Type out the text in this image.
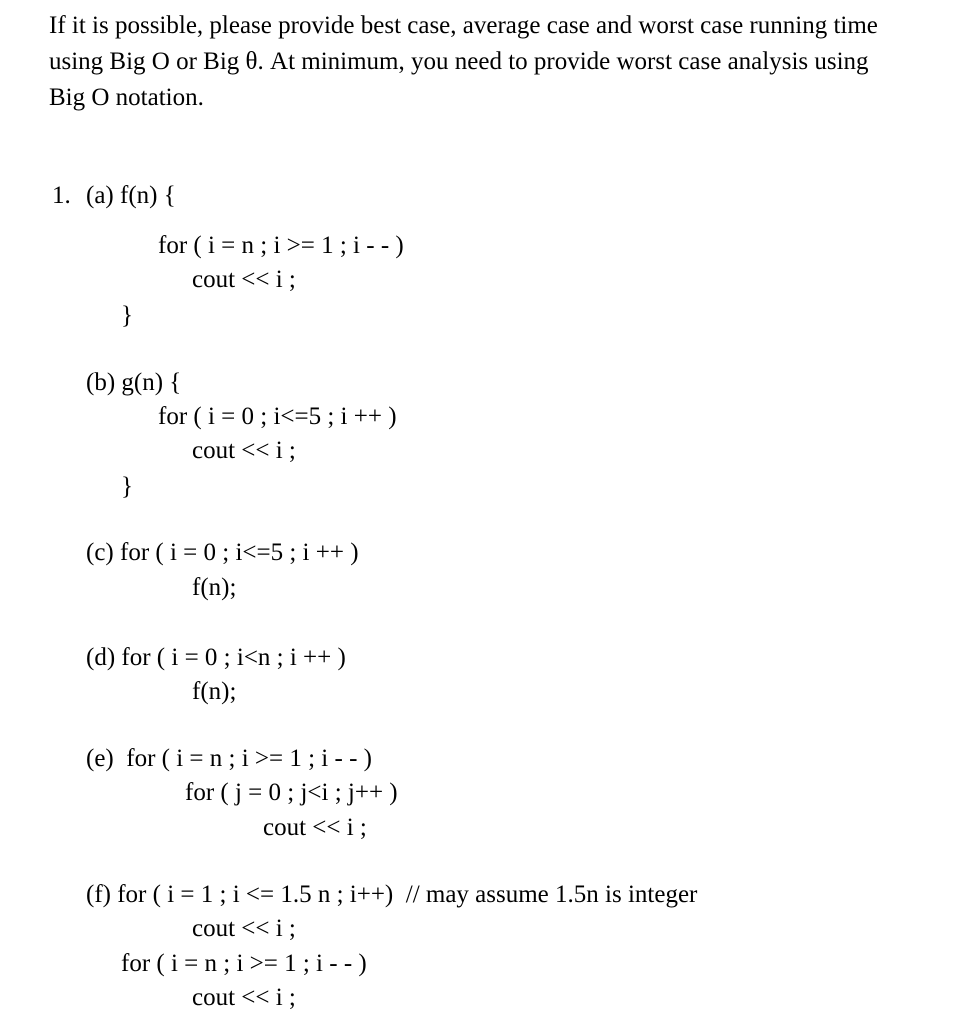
If it is possible, please provide best case, average case and worst case running time
using Big O or Big θ. At minimum, you need to provide worst case analysis using
Big O notation.
1. (a) f(n) {
for ( i = n ; i >= 1 ; i - - )
cout << i ;
}
(b) g(n) {
for ( i = 0 ; i<=5 ; i ++ )
cout << i ;
}
(c) for ( i = 0 ; i<=5 ; i ++ )
f(n);
(d) for ( i = 0 ; i<n ; i ++ )
f(n);
(e)  for ( i = n ; i >= 1 ; i - - )
for ( j = 0 ; j<i ; j++ )
cout << i ;
(f) for ( i = 1 ; i <= 1.5 n ; i++)  // may assume 1.5n is integer
cout << i ;
for ( i = n ; i >= 1 ; i - - )
cout << i ;
